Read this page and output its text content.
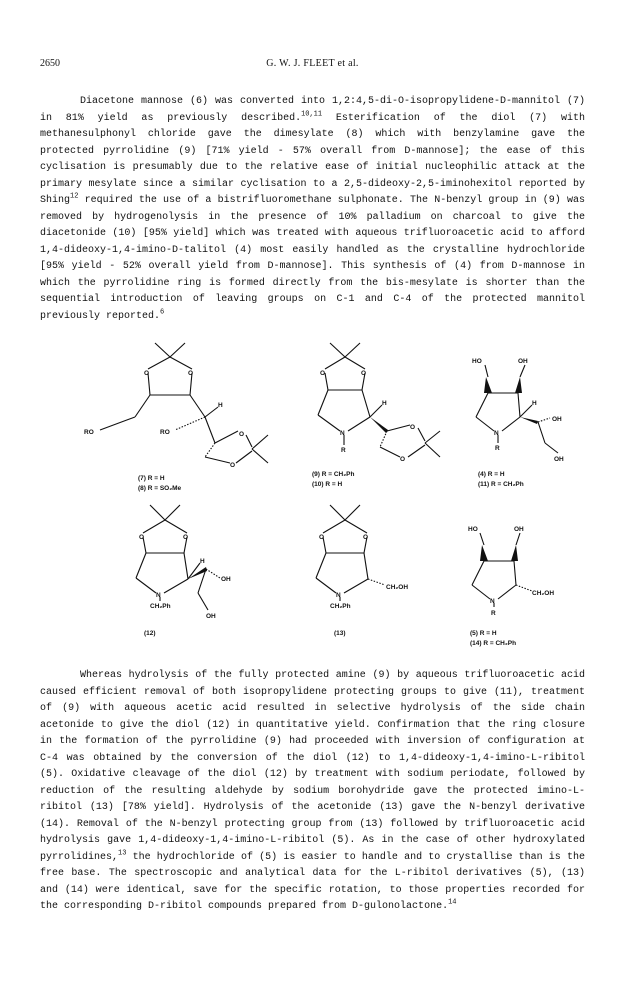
2650	G. W. J. FLEET et al.

Diacetone mannose (6) was converted into 1,2:4,5-di-O-isopropylidene-D-mannitol (7) in 81% yield as previously described.$^{10,11}$ Esterification of the diol (7) with methanesulphonyl chloride gave the dimesylate (8) which with benzylamine gave the protected pyrrolidine (9) [71% yield - 57% overall from D-mannose]; the ease of this cyclisation is presumably due to the relative ease of initial nucleophilic attack at the primary mesylate since a similar cyclisation to a 2,5-dideoxy-2,5-iminohexitol reported by Shing$^{12}$ required the use of a bistrifluoromethane sulphonate. The N-benzyl group in (9) was removed by hydrogenolysis in the presence of 10% palladium on charcoal to give the diacetonide (10) [95% yield] which was treated with aqueous trifluoroacetic acid to afford 1,4-dideoxy-1,4-imino-D-talitol (4) most easily handled as the crystalline hydrochloride [95% yield - 52% overall yield from D-mannose]. This synthesis of (4) from D-mannose in which the pyrrolidine ring is formed directly from the bis-mesylate is shorter than the sequential introduction of leaving groups on C-1 and C-4 of the protected mannitol previously reported.$^6$

O	O
O
O
H
RO	RO
(7) R = H
(8) R = SO₂Me
O	O
O
O
N
R
H
(9) R = CH₂Ph
(10) R = H
HO	OH
OH
OH
N
R
H
(4) R = H
(11) R = CH₂Ph
O	O
N
CH₂Ph
H
OH
OH
(12)
O	O
N
CH₂Ph
CH₂OH
(13)
HO	OH
N
R
CH₂OH
(5) R = H
(14) R = CH₂Ph

Whereas hydrolysis of the fully protected amine (9) by aqueous trifluoroacetic acid caused efficient removal of both isopropylidene protecting groups to give (11), treatment of (9) with aqueous acetic acid resulted in selective hydrolysis of the side chain acetonide to give the diol (12) in quantitative yield. Confirmation that the ring closure in the formation of the pyrrolidine (9) had proceeded with inversion of configuration at C-4 was obtained by the conversion of the diol (12) to 1,4-dideoxy-1,4-imino-L-ribitol (5). Oxidative cleavage of the diol (12) by treatment with sodium periodate, followed by reduction of the resulting aldehyde by sodium borohydride gave the protected imino-L-ribitol (13) [78% yield]. Hydrolysis of the acetonide (13) gave the N-benzyl derivative (14). Removal of the N-benzyl protecting group from (13) followed by trifluoroacetic acid hydrolysis gave 1,4-dideoxy-1,4-imino-L-ribitol (5). As in the case of other hydroxylated pyrrolidines,$^{13}$ the hydrochloride of (5) is easier to handle and to crystallise than is the free base. The spectroscopic and analytical data for the L-ribitol derivatives (5), (13) and (14) were identical, save for the specific rotation, to those properties recorded for the corresponding D-ribitol compounds prepared from D-gulonolactone.$^{14}$
